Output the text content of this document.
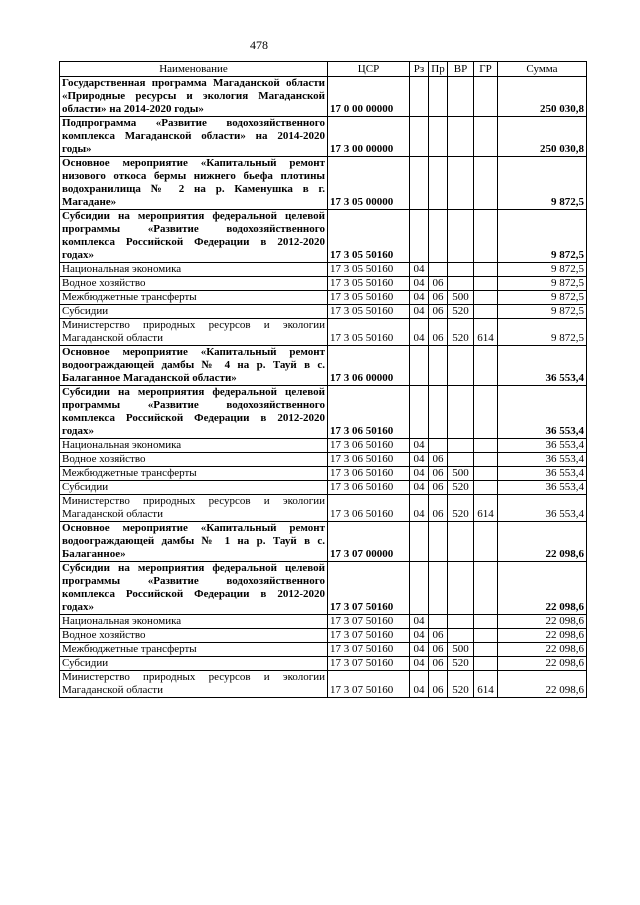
478
Наименование	ЦСР	Рз	Пр	ВР	ГР	Сумма
Государственная программа Магаданской области «Природные ресурсы и экология Магаданской области» на 2014-2020 годы»	17 0 00 00000					250 030,8
Подпрограмма «Развитие водохозяйственного комплекса Магаданской области» на 2014-2020 годы»	17 3 00 00000					250 030,8
Основное мероприятие «Капитальный ремонт низового откоса бермы нижнего бьефа плотины водохранилища № 2 на р. Каменушка в г. Магадане»	17 3 05 00000					9 872,5
Субсидии на мероприятия федеральной целевой программы «Развитие водохозяйственного комплекса Российской Федерации в 2012-2020 годах»	17 3 05 50160					9 872,5
Национальная экономика	17 3 05 50160	04				9 872,5
Водное хозяйство	17 3 05 50160	04	06			9 872,5
Межбюджетные трансферты	17 3 05 50160	04	06	500		9 872,5
Субсидии	17 3 05 50160	04	06	520		9 872,5
Министерство природных ресурсов и экологии Магаданской области	17 3 05 50160	04	06	520	614	9 872,5
Основное мероприятие «Капитальный ремонт водоограждающей дамбы № 4 на р. Тауй в с. Балаганное Магаданской области»	17 3 06 00000					36 553,4
Субсидии на мероприятия федеральной целевой программы «Развитие водохозяйственного комплекса Российской Федерации в 2012-2020 годах»	17 3 06 50160					36 553,4
Национальная экономика	17 3 06 50160	04				36 553,4
Водное хозяйство	17 3 06 50160	04	06			36 553,4
Межбюджетные трансферты	17 3 06 50160	04	06	500		36 553,4
Субсидии	17 3 06 50160	04	06	520		36 553,4
Министерство природных ресурсов и экологии Магаданской области	17 3 06 50160	04	06	520	614	36 553,4
Основное мероприятие «Капитальный ремонт водоограждающей дамбы № 1 на р. Тауй в с. Балаганное»	17 3 07 00000					22 098,6
Субсидии на мероприятия федеральной целевой программы «Развитие водохозяйственного комплекса Российской Федерации в 2012-2020 годах»	17 3 07 50160					22 098,6
Национальная экономика	17 3 07 50160	04				22 098,6
Водное хозяйство	17 3 07 50160	04	06			22 098,6
Межбюджетные трансферты	17 3 07 50160	04	06	500		22 098,6
Субсидии	17 3 07 50160	04	06	520		22 098,6
Министерство природных ресурсов и экологии Магаданской области	17 3 07 50160	04	06	520	614	22 098,6
